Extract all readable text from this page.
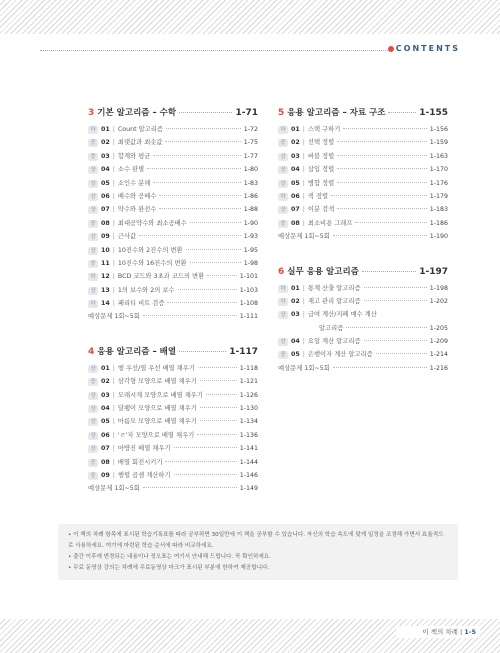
CONTENTS
3 기본 알고리즘 – 수학	1-71
하 01 | Count 알고리즘	1-72
중 02 | 최댓값과 최솟값	1-75
중 03 | 합계와 평균	1-77
상 04 | 소수 판별	1-80
상 05 | 소인수 분해	1-83
상 06 | 배수와 공배수	1-86
상 07 | 약수와 완전수	1-88
중 08 | 최대공약수와 최소공배수	1-90
상 09 | 근사값	1-93
상 10 | 10진수와 2진수의 변환	1-95
중 11 | 10진수와 16진수의 변환	1-98
하 12 | BCD 코드와 3초과 코드의 변환	1-101
상 13 | 1의 보수와 2의 보수	1-103
하 14 | 패리티 비트 검증	1-108
예상문제 1회~5회	1-111
4 응용 알고리즘 – 배열	1-117
상 01 | 행 우선/열 우선 배열 채우기	1-118
중 02 | 삼각형 모양으로 배열 채우기	1-121
상 03 | 모래시계 모양으로 배열 채우기	1-126
상 04 | 달팽이 모양으로 배열 채우기	1-130
상 05 | 마름모 모양으로 배열 채우기	1-134
상 06 | 'ㄹ'자 모양으로 배열 채우기	1-136
상 07 | 마방진 배열 채우기	1-141
중 08 | 배열 회전시키기	1-144
중 09 | 행렬 곱셈 계산하기	1-146
예상문제 1회~5회	1-149
5 응용 알고리즘 – 자료 구조	1-155
하 01 | 스택 구하기	1-156
중 02 | 선택 정렬	1-159
상 03 | 버블 정렬	1-163
상 04 | 삽입 정렬	1-170
상 05 | 병합 정렬	1-176
하 06 | 퀵 정렬	1-179
상 07 | 이분 검색	1-183
중 08 | 최소비용 그래프	1-186
예상문제 1회~5회	1-190
6 실무 응용 알고리즘	1-197
하 01 | 통계 산출 알고리즘	1-198
하 02 | 재고 관리 알고리즘	1-202
상 03 | 급여 계산/지폐 매수 계산
알고리즘	1-205
상 04 | 요일 계산 알고리즘	1-209
중 05 | 은행이자 계산 알고리즘	1-214
예상문제 1회~5회	1-216

• 이 책의 차례 항목에 표시된 학습기록표를 따라 공부하면 30일만에 이 책을 공부할 수 있습니다. 자신의 학습 속도에 맞게 일정을 조정해 가면서 효율적으로 사용하세요. 여기에 마련된 학습 순서에 따라 비교하세요.

• 출간 이후에 변경되는 내용이나 정오표는 여기서 안내해 드립니다. 꼭 확인하세요.

• 무료 동영상 강의는 차례에 무료동영상 마크가 표시된 부분에 한하여 제공합니다.

이 책의 차례 | 1-5
